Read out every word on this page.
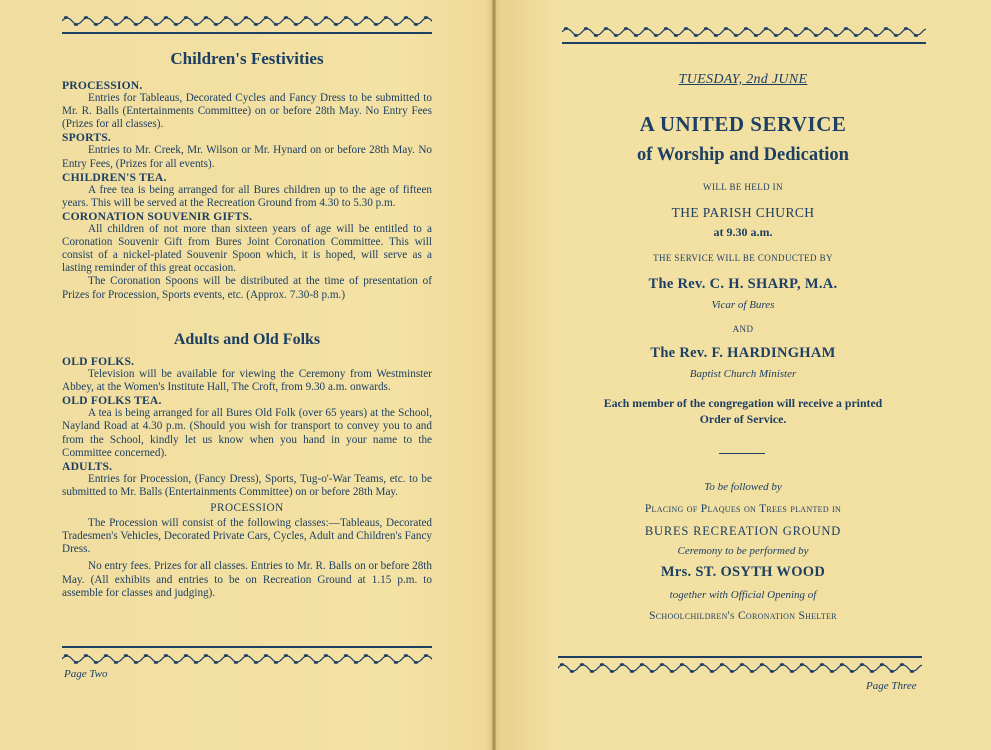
Children's Festivities
PROCESSION.

Entries for Tableaus, Decorated Cycles and Fancy Dress to be submitted to Mr. R. Balls (Entertainments Committee) on or before 28th May. No Entry Fees (Prizes for all classes).

SPORTS.

Entries to Mr. Creek, Mr. Wilson or Mr. Hynard on or before 28th May. No Entry Fees, (Prizes for all events).

CHILDREN'S TEA.

A free tea is being arranged for all Bures children up to the age of fifteen years. This will be served at the Recreation Ground from 4.30 to 5.30 p.m.

CORONATION SOUVENIR GIFTS.

All children of not more than sixteen years of age will be entitled to a Coronation Souvenir Gift from Bures Joint Coronation Committee. This will consist of a nickel-plated Souvenir Spoon which, it is hoped, will serve as a lasting reminder of this great occasion.

The Coronation Spoons will be distributed at the time of presentation of Prizes for Procession, Sports events, etc. (Approx. 7.30-8 p.m.)

Adults and Old Folks
OLD FOLKS.

Television will be available for viewing the Ceremony from Westminster Abbey, at the Women's Institute Hall, The Croft, from 9.30 a.m. onwards.

OLD FOLKS TEA.

A tea is being arranged for all Bures Old Folk (over 65 years) at the School, Nayland Road at 4.30 p.m. (Should you wish for transport to convey you to and from the School, kindly let us know when you hand in your name to the Committee concerned).

ADULTS.

Entries for Procession, (Fancy Dress), Sports, Tug-o'-War Teams, etc. to be submitted to Mr. Balls (Entertainments Committee) on or before 28th May.

PROCESSION

The Procession will consist of the following classes:—Tableaus, Decorated Tradesmen's Vehicles, Decorated Private Cars, Cycles, Adult and Children's Fancy Dress.

No entry fees. Prizes for all classes. Entries to Mr. R. Balls on or before 28th May. (All exhibits and entries to be on Recreation Ground at 1.15 p.m. to assemble for classes and judging).

Page Two
TUESDAY, 2nd JUNE
A UNITED SERVICE
of Worship and Dedication
WILL BE HELD IN
THE PARISH CHURCH
at 9.30 a.m.
THE SERVICE WILL BE CONDUCTED BY
The Rev. C. H. SHARP, M.A.
Vicar of Bures
AND
The Rev. F. HARDINGHAM
Baptist Church Minister
Each member of the congregation will receive a printed
Order of Service.
To be followed by
Placing of Plaques on Trees planted in
BURES RECREATION GROUND
Ceremony to be performed by
Mrs. ST. OSYTH WOOD
together with Official Opening of
Schoolchildren's Coronation Shelter
Page Three
